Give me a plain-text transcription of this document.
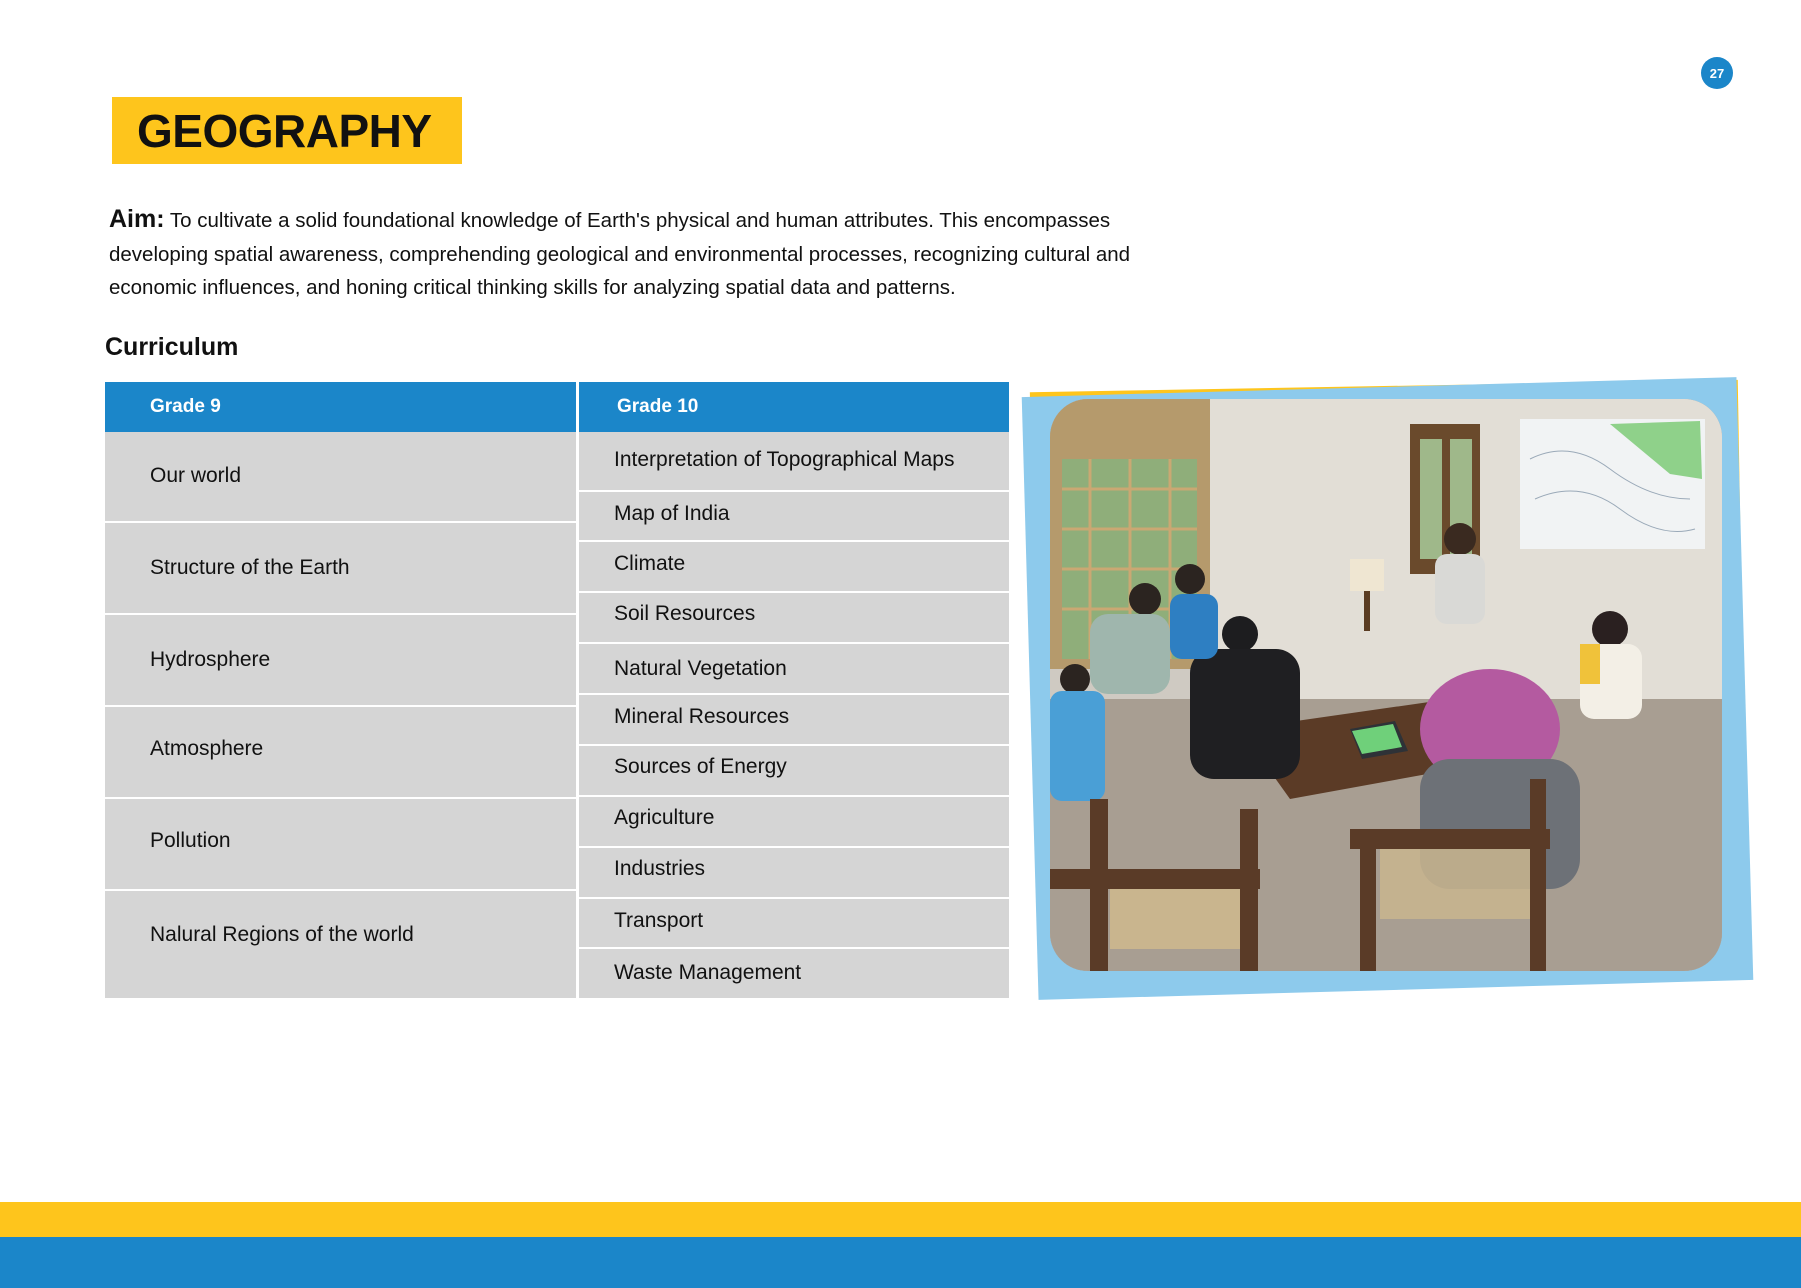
27
GEOGRAPHY

Aim: To cultivate a solid foundational knowledge of Earth's physical and human attributes. This encompasses developing spatial awareness, comprehending geological and environmental processes, recognizing cultural and economic influences, and honing critical thinking skills for analyzing spatial data and patterns.

Curriculum
Grade 9	Grade 10
Our world
Structure of the Earth
Hydrosphere
Atmosphere
Pollution
Nalural Regions of the world
Interpretation of Topographical Maps
Map of India
Climate
Soil Resources
Natural Vegetation
Mineral Resources
Sources of Energy
Agriculture
Industries
Transport
Waste Management
